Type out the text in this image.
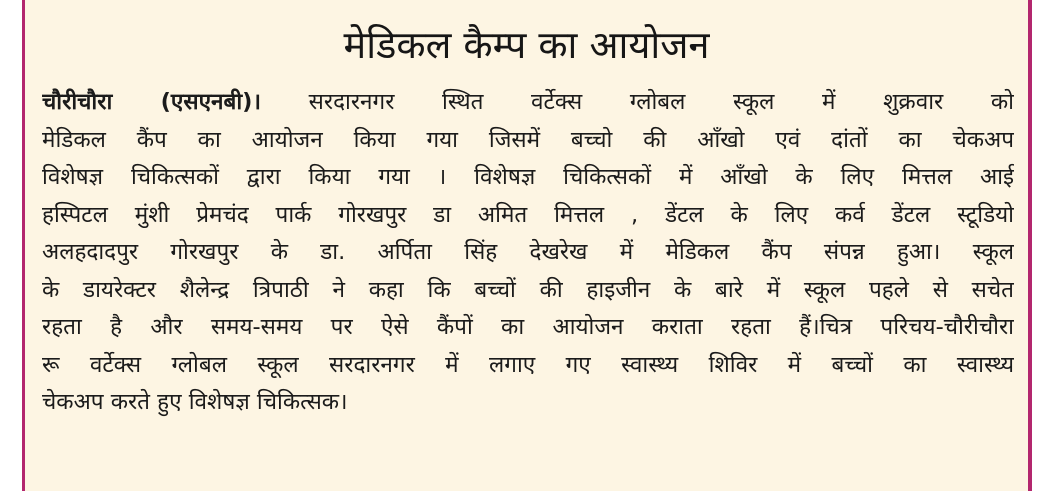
मेडिकल कैम्प का आयोजन
चौरीचौरा (एसएनबी)। सरदारनगर स्थित वर्टेक्स ग्लोबल स्कूल में शुक्रवार को
मेडिकल कैंप का आयोजन किया गया जिसमें बच्चो की आँखो एवं दांतों का चेकअप
विशेषज्ञ चिकित्सकों द्वारा किया गया । विशेषज्ञ चिकित्सकों में आँखो के लिए मित्तल आई
हस्पिटल मुंशी प्रेमचंद पार्क गोरखपुर डा अमित मित्तल , डेंटल के लिए कर्व डेंटल स्टूडियो
अलहदादपुर गोरखपुर के डा. अर्पिता सिंह देखरेख में मेडिकल कैंप संपन्न हुआ। स्कूल
के डायरेक्टर शैलेन्द्र त्रिपाठी ने कहा कि बच्चों की हाइजीन के बारे में स्कूल पहले से सचेत
रहता है और समय-समय पर ऐसे कैंपों का आयोजन कराता रहता हैं।चित्र परिचय-चौरीचौरा
रू वर्टेक्स ग्लोबल स्कूल सरदारनगर में लगाए गए स्वास्थ्य शिविर में बच्चों का स्वास्थ्य
चेकअप करते हुए विशेषज्ञ चिकित्सक।
